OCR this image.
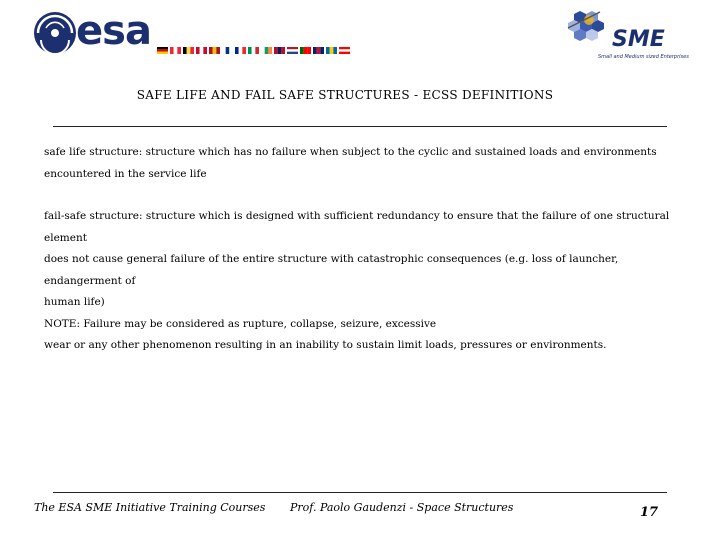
esa	SME
Small and Medium sized Enterprises
SAFE LIFE AND FAIL SAFE STRUCTURES - ECSS DEFINITIONS

safe life structure: structure which has no failure when subject to the cyclic and sustained loads and environments

encountered in the service life

fail-safe structure: structure which is designed with sufficient redundancy to ensure that the failure of one structural element

does not cause general failure of the entire structure with catastrophic consequences (e.g. loss of launcher, endangerment of

human life)

NOTE: Failure may be considered as rupture, collapse, seizure, excessive

wear or any other phenomenon resulting in an inability to sustain limit loads, pressures or environments.

The ESA SME Initiative Training Courses Prof. Paolo Gaudenzi - Space Structures	17
